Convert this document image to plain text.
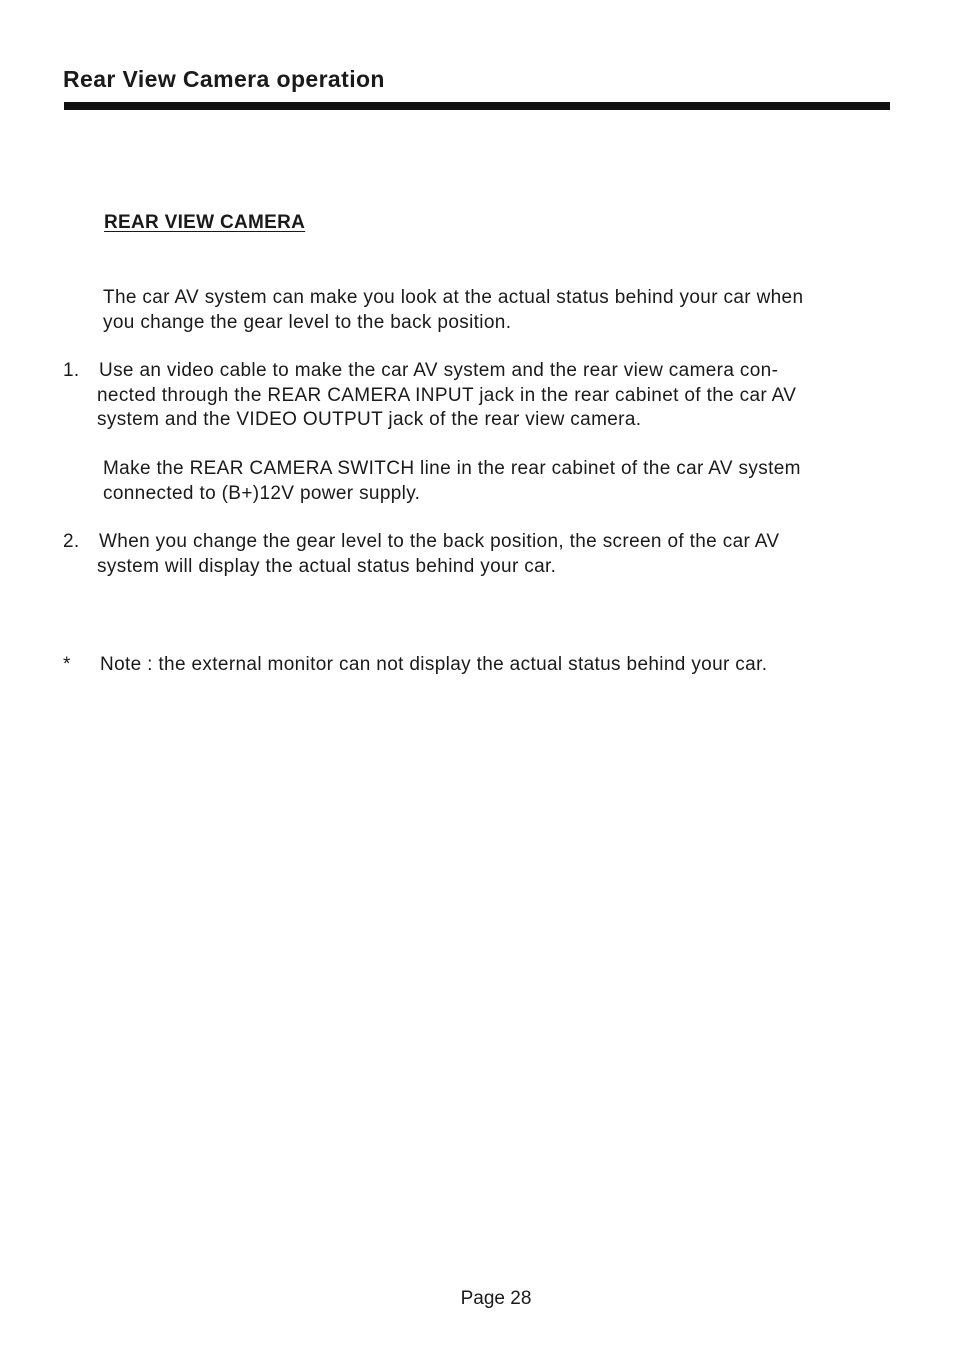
Rear View Camera operation
REAR VIEW CAMERA

The car AV system can make you look at the actual status behind your car when
you change the gear level to the back position.

1. Use an video cable to make the car AV system and the rear view camera con-
nected through the REAR CAMERA INPUT jack in the rear cabinet of the car AV
system and the VIDEO OUTPUT jack of the rear view camera.

Make the REAR CAMERA SWITCH line in the rear cabinet of the car AV system
connected to (B+)12V power supply.

2. When you change the gear level to the back position, the screen of the car AV
system will display the actual status behind your car.

* Note : the external monitor can not display the actual status behind your car.

Page 28
